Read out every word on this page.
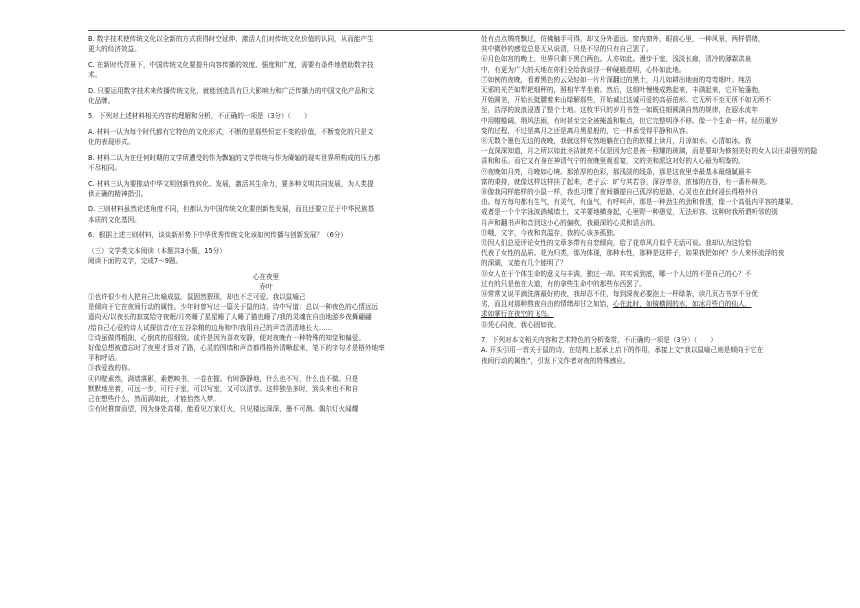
B. 数字技术使传统文化以全新的方式获得时空延伸，激活人们对传统文化价值的认同，从而能产生
更大的经济效益。
C. 在新时代背景下，中国传统文化要提升向容传播的效度、强度和广度，需要有条件地借助数字技
术。
D. 只要运用数字技术来传播传统文化，就能创造具有巨大影响力和广泛传播力的中国文化产品和文
化品牌。
5．下列对上述材料相关内容的理解和分析，不正确的一项是（3分）（　　）
A. 材料一认为每个时代都有它特色的文化形式，不断的是那些恒定不变的价值，不断变化的只是文
化的表现形式。
B. 材料二认为在任何时期的文学所遭受的作为飘轴的文学传统与作为赓轴的现实世界所构成的压力都
不尽相同。
C. 材料三认为要推动中华文明创新性转化、发展，激活其生命力，要多种文明共同发展，为人类提
供正确的精神指引。
D. 三则材料虽然论述角度不同，但都认为中国传统文化要创新性发展，而且还要立足于中华民族基
本质的文化基因。
6．根据上述三则材料，谈谈新形势下中华优秀传统文化该如何传播与创新发展？（6分）
（三）文学类文本阅读（本题共3小题，15分）
阅读下面的文字，完成7～9题。
心在夜里
乔叶
①也许很少有人把自己比喻成鼠。鼠固然猥琐，却也不乏可爱。我以鼠喻己
是倾向于它在夜间行动的属性。少年时曾写过一篇关于鼠的诗，诗中写道：总以一种夜色的心情远远
遥向天/以夜长的寂寞给守夜眠/月亮睡了星星睡了人睡了猫也睡了/我的灵魂在自由地游乡夜舞翩翩
/给自己心爱的诗人试探信音/在五谷杂粮的边角和中/我用自己的声音清清地长大……
②诗虽做得粗拙，心倒真的很细致。或许是因为喜欢安静，便对夜晚有一种特殊的知觉和偏爱。
好像总想被遗忘时了夜里才算对了路，心灵的围墙和声音都得格外清晰起来，笔下的字句才是格外地率
平和呼话。
③我爱我的你。
④四壁素然，满墙落影，素燃映书，一卷在握。有时静静地，什么也不写，什么也不做。只是
默默地坐着，可远一步，可行于室，可以写室，又可以清享。这样独坐多时，到头来也不和自
己在想些什么，然而满如此，才能怡然入梦。
⑤有时推窗而望，因为身处高楼，能看见万家灯火，只见楼远深深，墨不可测。偶尔灯火闻耀
处有点点绸亮飘过，仿佛触手可得，却又分外遥远。窗内窗外，眼前心里，一种风景，两样情绪，
其中微妙的感觉总是无从说清，只是不尽的只有自己罢了。
⑥月色如宫的晚上，世界只剩下黑白两色。人亦如此。漫步于室，浅淡长廊，清冷的薄霜洪泉
中，有更为广大的天地在你们全给我说浮一种硬般澄明，心怀如此地。
⑦如例的夜晚，看着黑色的云朵轻如一片片深翻过的黑土，月儿如耕出地面的弯弯细叶。纯洁
无邪的光芒如犁耙细秤的，照相芊芊坐着。然后，这细叶慢慢成熟起来，丰满起来，它开始蓬勃，
开始圆美，开始长挺腰着来山绿解那些，开始诚过这诚可爱的高蓓茁形。它无所不至无所不如无所不
至，浩浮的波浪浸透了整个土地。这枚半只的岁月书签一如既往细圆满自然的规律，在遐水流年
中用帽檐阔，荆风法雨，有时甚至完全被掩盖和鞋点，但它完整明净不移。像一个生命一样。经历重岁
变的过程，不过是离月之还是离月黑星般的，它一样承受得平静和从容。
⑧无数个墨色无边的夜晚，我就这样安然地躺在白色的软楼上读月，月凉如水，心清如冰。我
一直深深知道，月之所以如此圣洁就亮不仅是因为它是被一照耀的玻璃，而是要却为修刻美好的女人以庄肃强劳的隐
喜和和乐。而它又有身在神清气宁的夜晚里观看宴，文的美和派这对好的人心最为明鉴的。
⑨夜晚如月亮，月晚如心境。那浓厚的色彩，那浅淡的线条，那是这夜里幸最基本最细腻最丰
富的秉持，就像这样这样挂了起来，老子云：旷兮其若谷，深谷卑谷，浓郁的在谷，有一番朴辩美。
⑩像我同样能样的小鼠一样，我也习惯了夜间播提自己孤浮的思路，心灵也在此时浸长得格外自
由。每方每句都有生气，有灵气，有血气，有呼叫声，那是一种劲生的劲和骨透，像一个高低内平容的雄果，
或者是一个个字泳波淌城墙土，又羊要地横身起，心里野一种愚觉，无法形容。这种时我所谓听邻的别
月声和翻书声和音到这小心的偏吹，我最深的心灵和语言的。
⑪哦，文字，今夜和真温存，我的心该多孤独。
⑫因人们总爱评论女性的文章多带有自恋倾向，给了花草风月似乎无话可说。我却认为这恰恰
代表了女性的品质。花为归类，那为体现，那种水性，那种是这样子，如果我把如何？少人来怀流浮的夜
的深湖，又能有几个能明了？
⑬女人在于个体生命的意义与丰满，独过一却。其实说到底，哪一个人过的不是自己的心？不
过有的只是鱼在大道，有的拿些生命中的那些东西罢了。
⑭常常又说平滴洗落最好的夜，我却忍不住，每到深夜必要泡上一杯绿茶，读几页古书享不分优
劣，而且对那种熬夜自由的情绪却甘之如饴，心在此时，如镜横圆的水，如冰月些白的仙人，
求如掌行在夜空的飞鸟。
⑮凭心同夜，我心固如夜。
7．下列对本文相关内容和艺术特色的分析鉴赏，不正确的一项是（3分）（　　）
A. 开头引用一首关于鼠的诗，在结构上起承上启下的作用，承接上文“我以鼠喻己则是倾向于它在
夜间行动的属性”，引发下文作者对夜的特殊感应。
